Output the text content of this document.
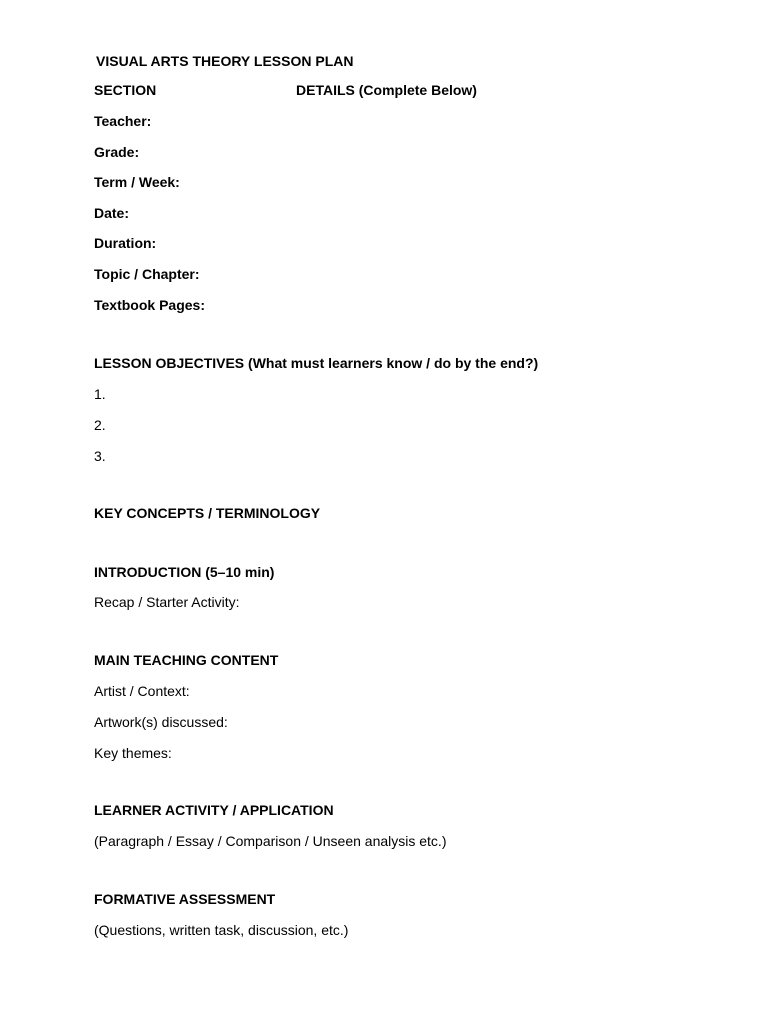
VISUAL ARTS THEORY LESSON PLAN
SECTION	DETAILS (Complete Below)
Teacher:
Grade:
Term / Week:
Date:
Duration:
Topic / Chapter:
Textbook Pages:
LESSON OBJECTIVES (What must learners know / do by the end?)
1.
2.
3.
KEY CONCEPTS / TERMINOLOGY
INTRODUCTION (5–10 min)
Recap / Starter Activity:
MAIN TEACHING CONTENT
Artist / Context:
Artwork(s) discussed:
Key themes:
LEARNER ACTIVITY / APPLICATION
(Paragraph / Essay / Comparison / Unseen analysis etc.)
FORMATIVE ASSESSMENT
(Questions, written task, discussion, etc.)
